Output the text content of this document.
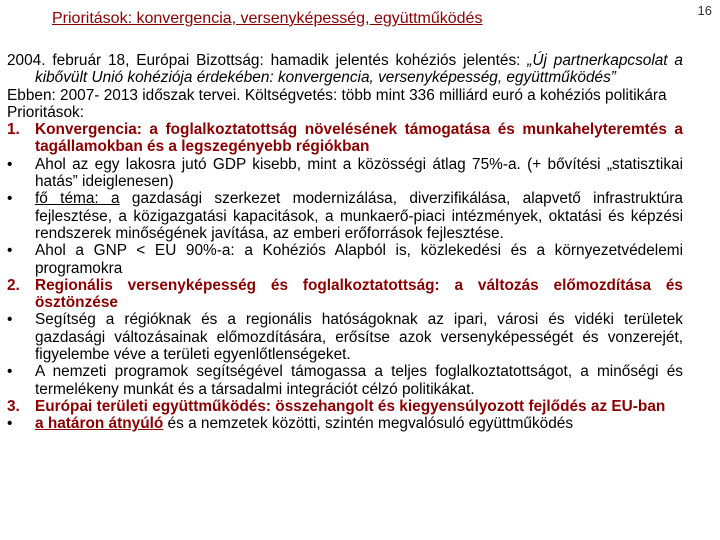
16
Prioritások: konvergencia, versenyképesség, együttműködés

2004. február 18, Európai Bizottság: hamadik jelentés kohéziós jelentés: „Új partnerkapcsolat a kibővült Unió kohéziója érdekében: konvergencia, versenyképesség, együttműködés”

Ebben: 2007- 2013 időszak tervei. Költségvetés: több mint 336 milliárd euró a kohéziós politikára

Prioritások:

1. Konvergencia: a foglalkoztatottság növelésének támogatása és munkahelyteremtés a tagállamokban és a legszegényebb régiókban
•	Ahol az egy lakosra jutó GDP kisebb, mint a közösségi átlag 75%-a. (+ bővítési „statisztikai hatás” ideiglenesen)
•	fő téma: a gazdasági szerkezet modernizálása, diverzifikálása, alapvető infrastruktúra fejlesztése, a közigazgatási kapacitások, a munkaerő-piaci intézmények, oktatási és képzési rendszerek minőségének javítása, az emberi erőforrások fejlesztése.
•	Ahol a GNP < EU 90%-a: a Kohéziós Alapból is, közlekedési és a környezetvédelemi programokra
2. Regionális versenyképesség és foglalkoztatottság: a változás előmozdítása és ösztönzése
•	Segítség a régióknak és a regionális hatóságoknak az ipari, városi és vidéki területek gazdasági változásainak előmozdítására, erősítse azok versenyképességét és vonzerejét, figyelembe véve a területi egyenlőtlenségeket.
•	A nemzeti programok segítségével támogassa a teljes foglalkoztatottságot, a minőségi és termelékeny munkát és a társadalmi integrációt célzó politikákat.
3. Európai területi együttműködés: összehangolt és kiegyensúlyozott fejlődés az EU-ban
•	a határon átnyúló és a nemzetek közötti, szintén megvalósuló együttműködés
